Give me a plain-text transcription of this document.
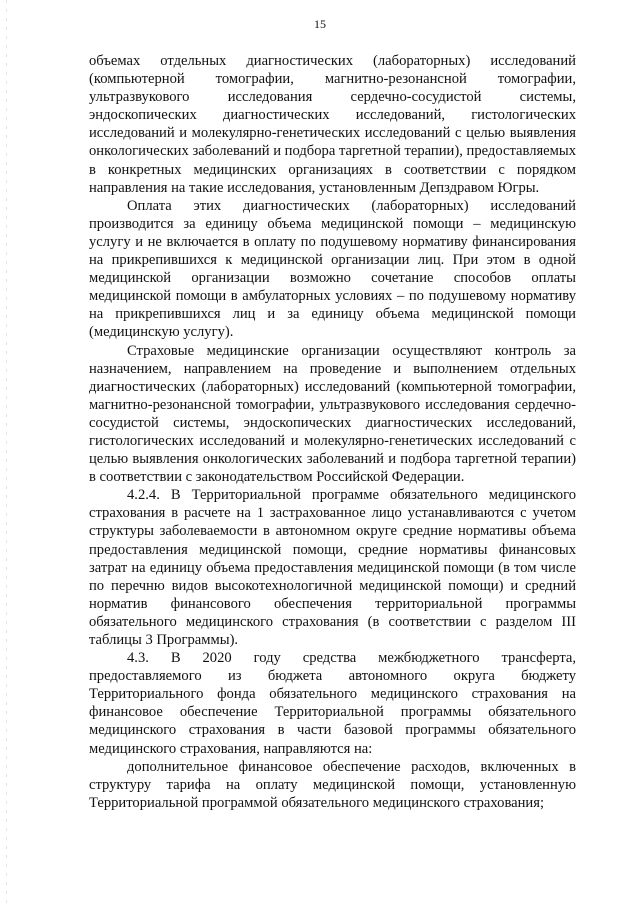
15

объемах отдельных диагностических (лабораторных) исследований (компьютерной томографии, магнитно-резонансной томографии, ультразвукового исследования сердечно-сосудистой системы, эндоскопических диагностических исследований, гистологических исследований и молекулярно-генетических исследований с целью выявления онкологических заболеваний и подбора таргетной терапии), предоставляемых в конкретных медицинских организациях в соответствии с порядком направления на такие исследования, установленным Депздравом Югры.

Оплата этих диагностических (лабораторных) исследований производится за единицу объема медицинской помощи – медицинскую услугу и не включается в оплату по подушевому нормативу финансирования на прикрепившихся к медицинской организации лиц. При этом в одной медицинской организации возможно сочетание способов оплаты медицинской помощи в амбулаторных условиях – по подушевому нормативу на прикрепившихся лиц и за единицу объема медицинской помощи (медицинскую услугу).

Страховые медицинские организации осуществляют контроль за назначением, направлением на проведение и выполнением отдельных диагностических (лабораторных) исследований (компьютерной томографии, магнитно-резонансной томографии, ультразвукового исследования сердечно-сосудистой системы, эндоскопических диагностических исследований, гистологических исследований и молекулярно-генетических исследований с целью выявления онкологических заболеваний и подбора таргетной терапии) в соответствии с законодательством Российской Федерации.

4.2.4. В Территориальной программе обязательного медицинского страхования в расчете на 1 застрахованное лицо устанавливаются с учетом структуры заболеваемости в автономном округе средние нормативы объема предоставления медицинской помощи, средние нормативы финансовых затрат на единицу объема предоставления медицинской помощи (в том числе по перечню видов высокотехнологичной медицинской помощи) и средний норматив финансового обеспечения территориальной программы обязательного медицинского страхования (в соответствии с разделом III таблицы 3 Программы).

4.3. В 2020 году средства межбюджетного трансферта, предоставляемого из бюджета автономного округа бюджету Территориального фонда обязательного медицинского страхования на финансовое обеспечение Территориальной программы обязательного медицинского страхования в части базовой программы обязательного медицинского страхования, направляются на:

дополнительное финансовое обеспечение расходов, включенных в структуру тарифа на оплату медицинской помощи, установленную Территориальной программой обязательного медицинского страхования;
